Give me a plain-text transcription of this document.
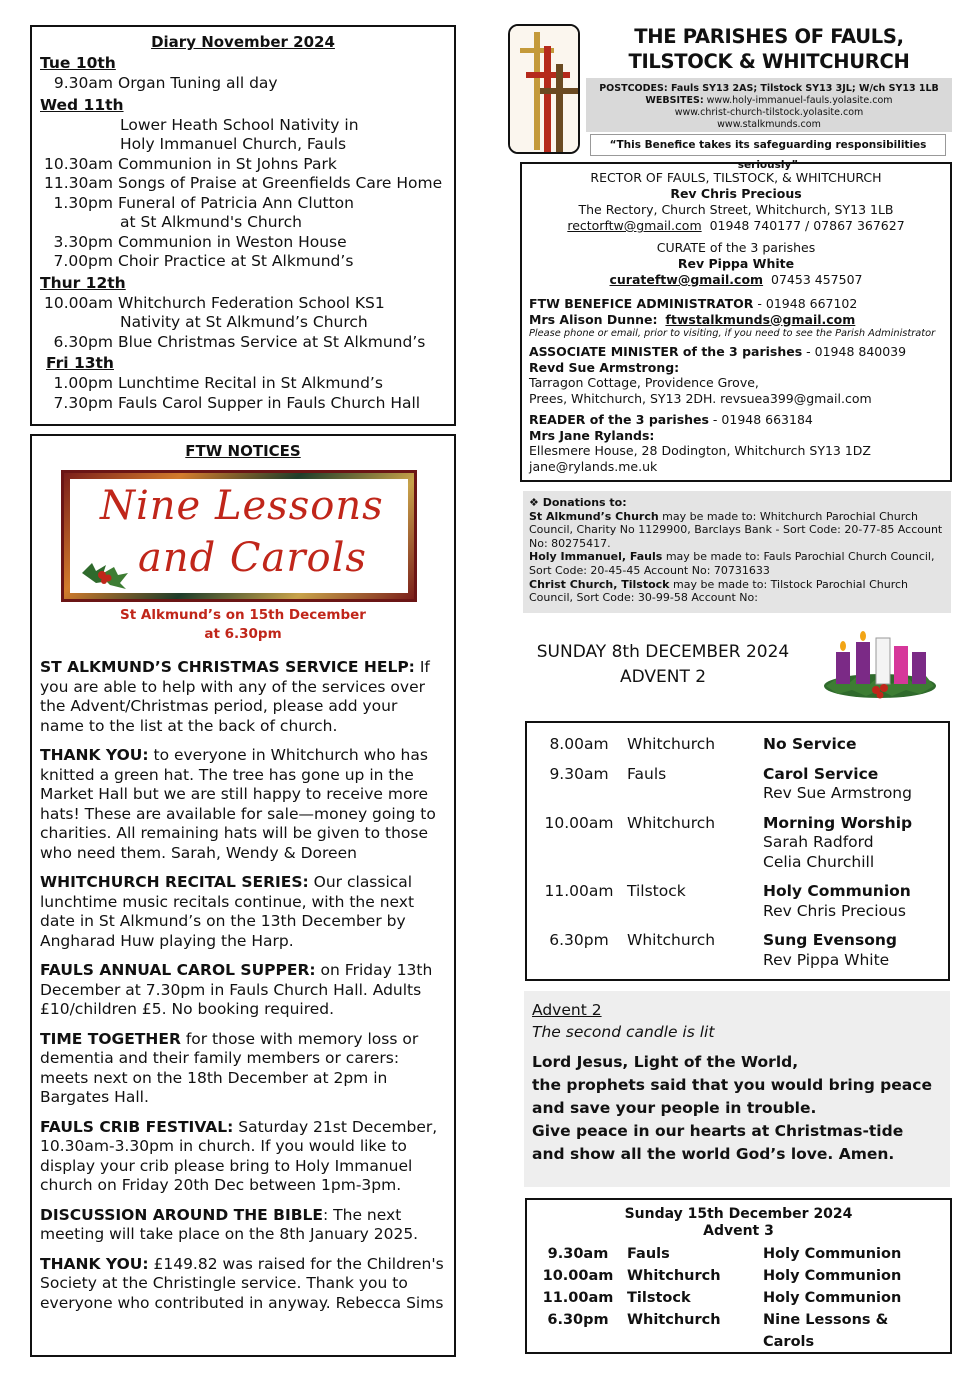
Diary November 2024
Tue 10th
9.30am Organ Tuning all day
Wed 11th
Lower Heath School Nativity in
Holy Immanuel Church, Fauls
10.30am Communion in St Johns Park
11.30am Songs of Praise at Greenfields Care Home
1.30pm Funeral of Patricia Ann Clutton
at St Alkmund's Church
3.30pm Communion in Weston House
7.00pm Choir Practice at St Alkmund’s
Thur 12th
10.00am Whitchurch Federation School KS1
Nativity at St Alkmund’s Church
6.30pm Blue Christmas Service at St Alkmund’s
Fri 13th
1.00pm Lunchtime Recital in St Alkmund’s
7.30pm Fauls Carol Supper in Fauls Church Hall
FTW NOTICES
Nine Lessons
and Carols
St Alkmund’s on 15th December
at 6.30pm
ST ALKMUND’S CHRISTMAS SERVICE HELP: If you are able to help with any of the services over the Advent/Christmas period, please add your name to the list at the back of church.
THANK YOU: to everyone in Whitchurch who has knitted a green hat. The tree has gone up in the Market Hall but we are still happy to receive more hats! These are available for sale—money going to charities. All remaining hats will be given to those who need them. Sarah, Wendy & Doreen
WHITCHURCH RECITAL SERIES: Our classical lunchtime music recitals continue, with the next date in St Alkmund’s on the 13th December by Angharad Huw playing the Harp.
FAULS ANNUAL CAROL SUPPER: on Friday 13th December at 7.30pm in Fauls Church Hall. Adults £10/children £5. No booking required.
TIME TOGETHER for those with memory loss or dementia and their family members or carers: meets next on the 18th December at 2pm in Bargates Hall.
FAULS CRIB FESTIVAL: Saturday 21st December, 10.30am-3.30pm in church. If you would like to display your crib please bring to Holy Immanuel church on Friday 20th Dec between 1pm-3pm.
DISCUSSION AROUND THE BIBLE: The next meeting will take place on the 8th January 2025.
THANK YOU: £149.82 was raised for the Children's Society at the Christingle service. Thank you to everyone who contributed in anyway. Rebecca Sims
THE PARISHES OF FAULS,
TILSTOCK & WHITCHURCH
POSTCODES: Fauls SY13 2AS; Tilstock SY13 3JL; W/ch SY13 1LB
WEBSITES: www.holy-immanuel-fauls.yolasite.com
www.christ-church-tilstock.yolasite.com
www.stalkmunds.com
“This Benefice takes its safeguarding responsibilities seriously”
RECTOR OF FAULS, TILSTOCK, & WHITCHURCH
Rev Chris Precious
The Rectory, Church Street, Whitchurch, SY13 1LB
rectorftw@gmail.com 01948 740177 / 07867 367627
CURATE of the 3 parishes
Rev Pippa White
curateftw@gmail.com 07453 457507
FTW BENEFICE ADMINISTRATOR - 01948 667102
Mrs Alison Dunne: ftwstalkmunds@gmail.com
Please phone or email, prior to visiting, if you need to see the Parish Administrator
ASSOCIATE MINISTER of the 3 parishes - 01948 840039
Revd Sue Armstrong:
Tarragon Cottage, Providence Grove,
Prees, Whitchurch, SY13 2DH. revsuea399@gmail.com
READER of the 3 parishes - 01948 663184
Mrs Jane Rylands:
Ellesmere House, 28 Dodington, Whitchurch SY13 1DZ
jane@rylands.me.uk
❖ Donations to:
St Alkmund’s Church may be made to: Whitchurch Parochial Church Council, Charity No 1129900, Barclays Bank - Sort Code: 20-77-85 Account No: 80275417.
Holy Immanuel, Fauls may be made to: Fauls Parochial Church Council, Sort Code: 20-45-45 Account No: 70731633
Christ Church, Tilstock may be made to: Tilstock Parochial Church Council, Sort Code: 30-99-58 Account No:
SUNDAY 8th DECEMBER 2024
ADVENT 2
8.00am	Whitchurch	No Service
9.30am	Fauls	Carol Service
Rev Sue Armstrong
10.00am Whitchurch	Morning Worship
Sarah Radford
Celia Churchill
11.00am Tilstock	Holy Communion
Rev Chris Precious
6.30pm	Whitchurch	Sung Evensong
Rev Pippa White
Advent 2
The second candle is lit
Lord Jesus, Light of the World,
the prophets said that you would bring peace
and save your people in trouble.
Give peace in our hearts at Christmas-tide
and show all the world God’s love. Amen.
Sunday 15th December 2024
Advent 3
9.30am	Fauls	Holy Communion
10.00am Whitchurch	Holy Communion
11.00am Tilstock	Holy Communion
6.30pm	Whitchurch	Nine Lessons & Carols
